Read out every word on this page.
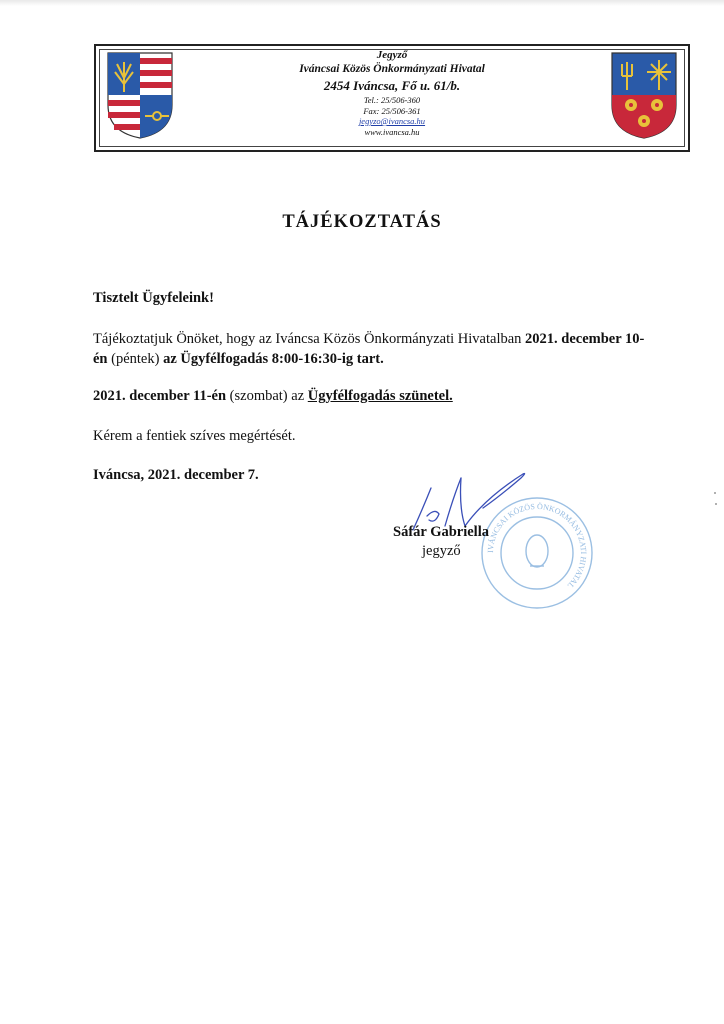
Jegyző
Iváncsai Közös Önkormányzati Hivatal
2454 Iváncsa, Fő u. 61/b.
Tel.: 25/506-360
Fax: 25/506-361
jegyzo@ivancsa.hu
www.ivancsa.hu
TÁJÉKOZTATÁS
Tisztelt Ügyfeleink!
Tájékoztatjuk Önöket, hogy az Iváncsa Közös Önkormányzati Hivatalban 2021. december 10-én (péntek) az Ügyfélfogadás 8:00-16:30-ig tart.
2021. december 11-én (szombat) az Ügyfélfogadás szünetel.
Kérem a fentiek szíves megértését.
Iváncsa, 2021. december 7.
IVÁNCSAI KÖZÖS ÖNKORMÁNYZATI HIVATAL
Sáfár Gabriella
jegyző
